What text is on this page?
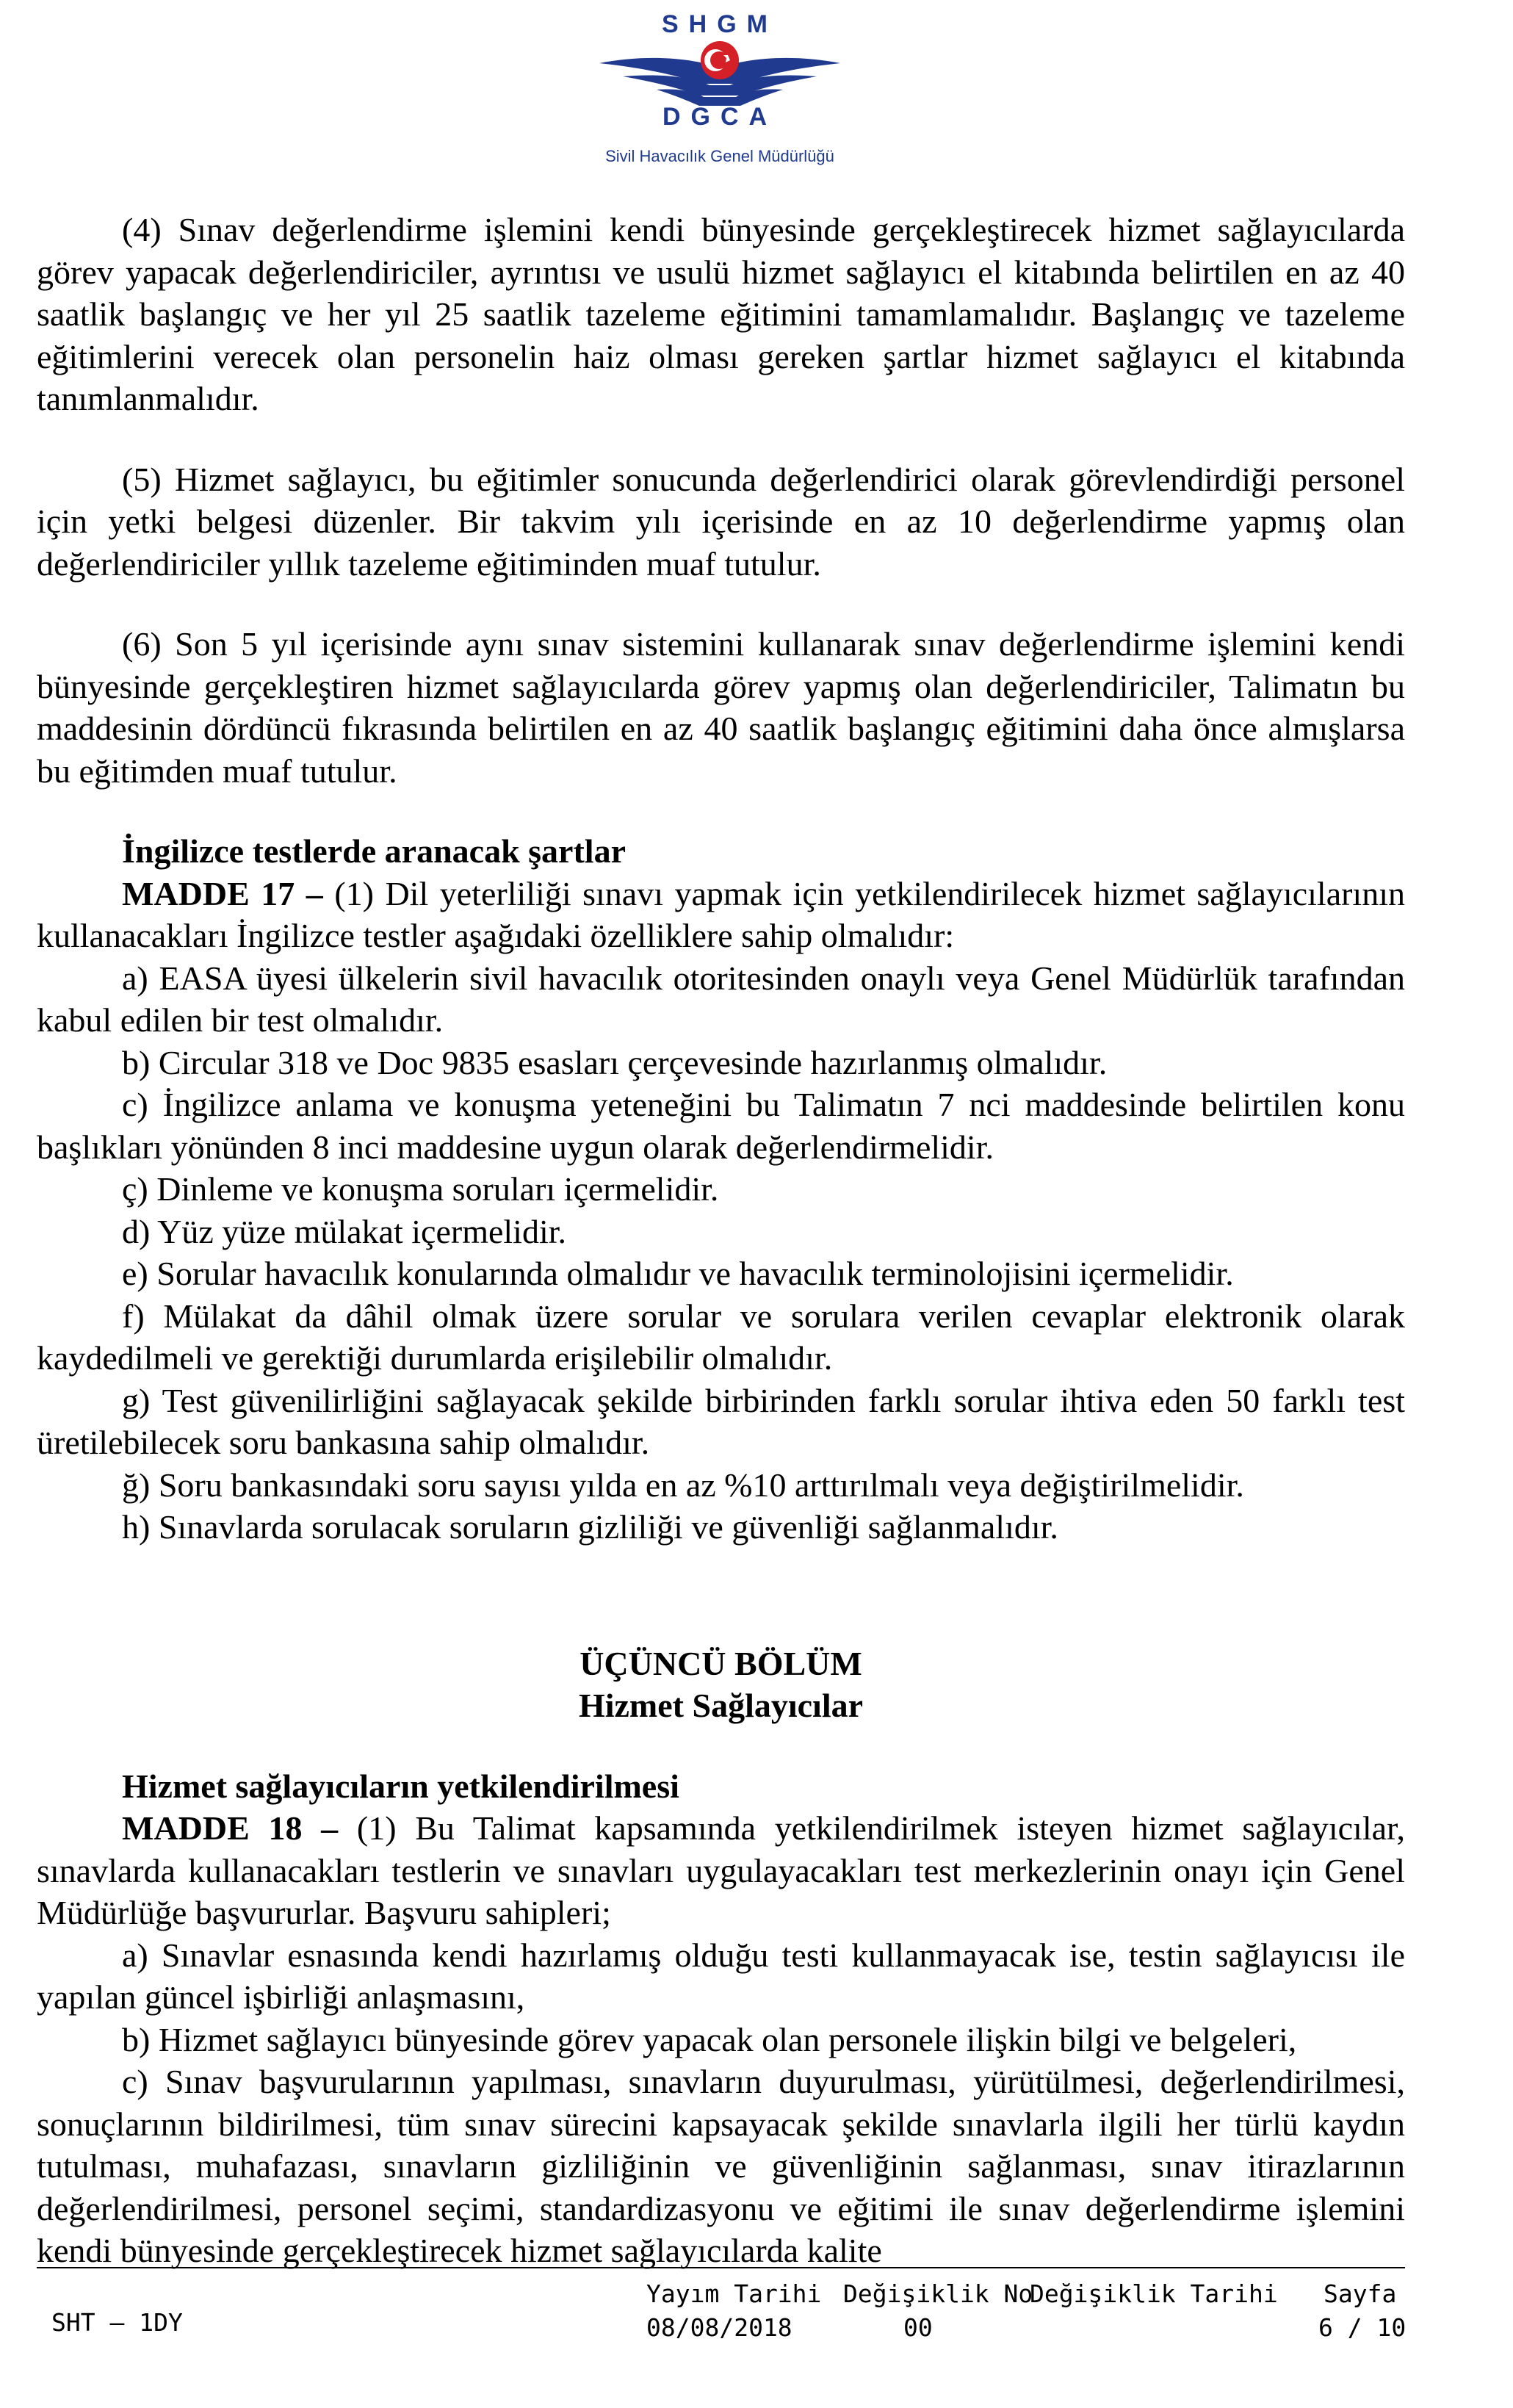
SHGM
DGCA
Sivil Havacılık Genel Müdürlüğü

(4) Sınav değerlendirme işlemini kendi bünyesinde gerçekleştirecek hizmet sağlayıcılarda görev yapacak değerlendiriciler, ayrıntısı ve usulü hizmet sağlayıcı el kitabında belirtilen en az 40 saatlik başlangıç ve her yıl 25 saatlik tazeleme eğitimini tamamlamalıdır. Başlangıç ve tazeleme eğitimlerini verecek olan personelin haiz olması gereken şartlar hizmet sağlayıcı el kitabında tanımlanmalıdır.

(5) Hizmet sağlayıcı, bu eğitimler sonucunda değerlendirici olarak görevlendirdiği personel için yetki belgesi düzenler. Bir takvim yılı içerisinde en az 10 değerlendirme yapmış olan değerlendiriciler yıllık tazeleme eğitiminden muaf tutulur.

(6) Son 5 yıl içerisinde aynı sınav sistemini kullanarak sınav değerlendirme işlemini kendi bünyesinde gerçekleştiren hizmet sağlayıcılarda görev yapmış olan değerlendiriciler, Talimatın bu maddesinin dördüncü fıkrasında belirtilen en az 40 saatlik başlangıç eğitimini daha önce almışlarsa bu eğitimden muaf tutulur.

İngilizce testlerde aranacak şartlar

MADDE 17 – (1) Dil yeterliliği sınavı yapmak için yetkilendirilecek hizmet sağlayıcılarının kullanacakları İngilizce testler aşağıdaki özelliklere sahip olmalıdır:

a) EASA üyesi ülkelerin sivil havacılık otoritesinden onaylı veya Genel Müdürlük tarafından kabul edilen bir test olmalıdır.

b) Circular 318 ve Doc 9835 esasları çerçevesinde hazırlanmış olmalıdır.

c) İngilizce anlama ve konuşma yeteneğini bu Talimatın 7 nci maddesinde belirtilen konu başlıkları yönünden 8 inci maddesine uygun olarak değerlendirmelidir.

ç) Dinleme ve konuşma soruları içermelidir.

d) Yüz yüze mülakat içermelidir.

e) Sorular havacılık konularında olmalıdır ve havacılık terminolojisini içermelidir.

f) Mülakat da dâhil olmak üzere sorular ve sorulara verilen cevaplar elektronik olarak kaydedilmeli ve gerektiği durumlarda erişilebilir olmalıdır.

g) Test güvenilirliğini sağlayacak şekilde birbirinden farklı sorular ihtiva eden 50 farklı test üretilebilecek soru bankasına sahip olmalıdır.

ğ) Soru bankasındaki soru sayısı yılda en az %10 arttırılmalı veya değiştirilmelidir.

h) Sınavlarda sorulacak soruların gizliliği ve güvenliği sağlanmalıdır.

ÜÇÜNCÜ BÖLÜM

Hizmet Sağlayıcılar

Hizmet sağlayıcıların yetkilendirilmesi

MADDE 18 – (1) Bu Talimat kapsamında yetkilendirilmek isteyen hizmet sağlayıcılar, sınavlarda kullanacakları testlerin ve sınavları uygulayacakları test merkezlerinin onayı için Genel Müdürlüğe başvururlar. Başvuru sahipleri;

a) Sınavlar esnasında kendi hazırlamış olduğu testi kullanmayacak ise, testin sağlayıcısı ile yapılan güncel işbirliği anlaşmasını,

b) Hizmet sağlayıcı bünyesinde görev yapacak olan personele ilişkin bilgi ve belgeleri,

c) Sınav başvurularının yapılması, sınavların duyurulması, yürütülmesi, değerlendirilmesi, sonuçlarının bildirilmesi, tüm sınav sürecini kapsayacak şekilde sınavlarla ilgili her türlü kaydın tutulması, muhafazası, sınavların gizliliğinin ve güvenliğinin sağlanması, sınav itirazlarının değerlendirilmesi, personel seçimi, standardizasyonu ve eğitimi ile sınav değerlendirme işlemini kendi bünyesinde gerçekleştirecek hizmet sağlayıcılarda kalite

SHT – 1DY
Yayım Tarihi
08/08/2018
Değişiklik No
00
Değişiklik Tarihi Sayfa
6 / 10
